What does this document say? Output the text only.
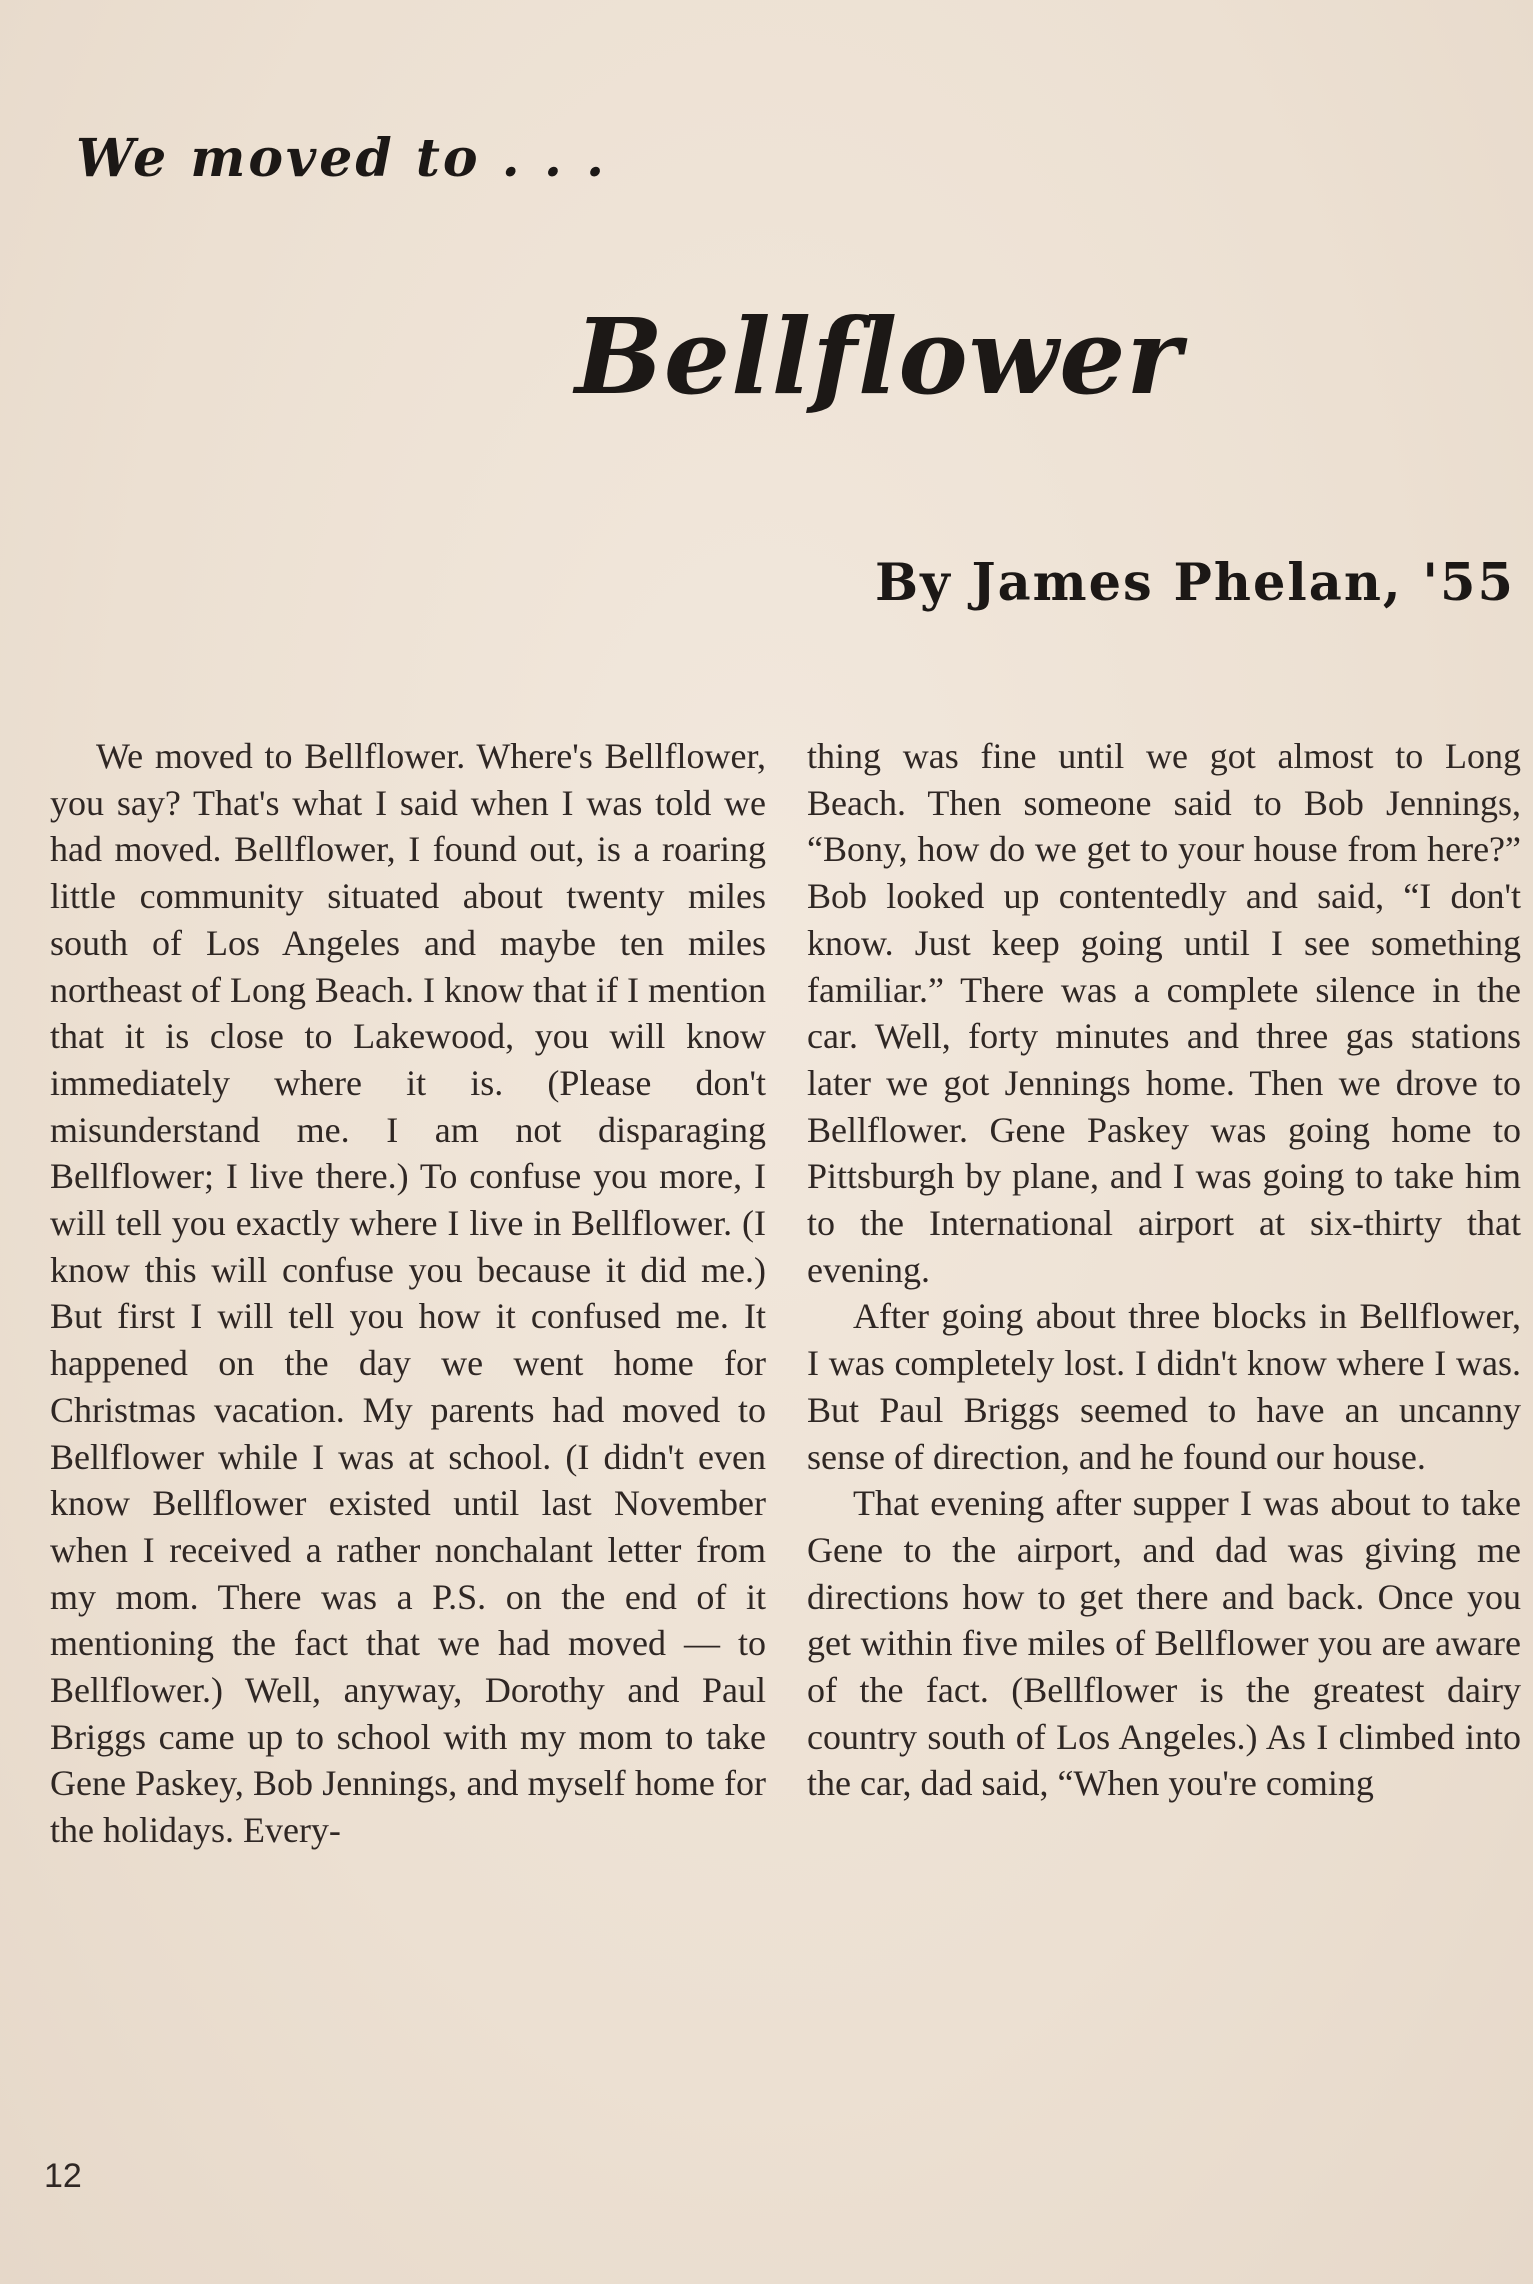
We moved to . . .
Bellflower
By James Phelan, '55

We moved to Bellflower. Where's Bellflower, you say? That's what I said when I was told we had moved. Bellflower, I found out, is a roaring little community situated about twenty miles south of Los Angeles and maybe ten miles northeast of Long Beach. I know that if I mention that it is close to Lakewood, you will know immediately where it is. (Please don't misunderstand me. I am not disparaging Bellflower; I live there.) To confuse you more, I will tell you exactly where I live in Bellflower. (I know this will confuse you because it did me.) But first I will tell you how it confused me. It happened on the day we went home for Christmas vacation. My parents had moved to Bellflower while I was at school. (I didn't even know Bellflower existed until last November when I received a rather nonchalant letter from my mom. There was a P.S. on the end of it mentioning the fact that we had moved — to Bellflower.) Well, anyway, Dorothy and Paul Briggs came up to school with my mom to take Gene Paskey, Bob Jennings, and myself home for the holidays. Every-

thing was fine until we got almost to Long Beach. Then someone said to Bob Jennings, “Bony, how do we get to your house from here?” Bob looked up contentedly and said, “I don't know. Just keep going until I see something familiar.” There was a complete silence in the car. Well, forty minutes and three gas stations later we got Jennings home. Then we drove to Bellflower. Gene Paskey was going home to Pittsburgh by plane, and I was going to take him to the International airport at six-thirty that evening.

After going about three blocks in Bellflower, I was completely lost. I didn't know where I was. But Paul Briggs seemed to have an uncanny sense of direction, and he found our house.

That evening after supper I was about to take Gene to the airport, and dad was giving me directions how to get there and back. Once you get within five miles of Bellflower you are aware of the fact. (Bellflower is the greatest dairy country south of Los Angeles.) As I climbed into the car, dad said, “When you're coming

12
